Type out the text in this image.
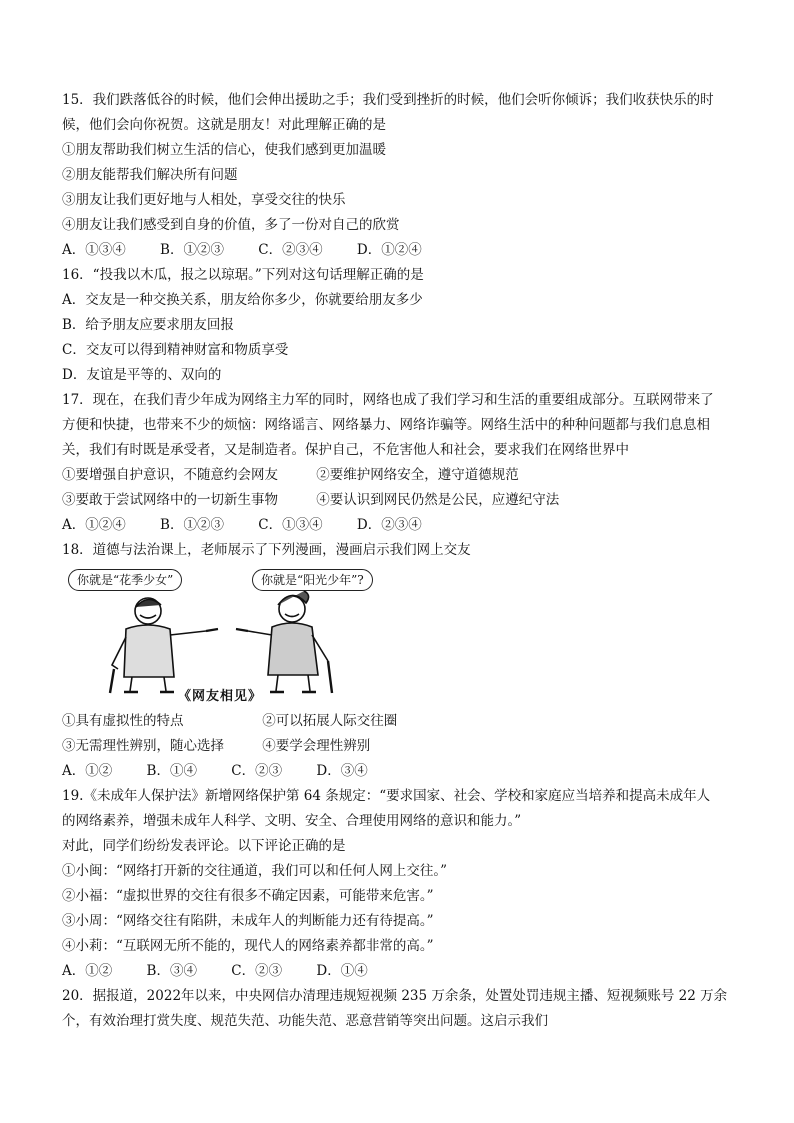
15．我们跌落低谷的时候，他们会伸出援助之手；我们受到挫折的时候，他们会听你倾诉；我们收获快乐的时
候，他们会向你祝贺。这就是朋友！对此理解正确的是
①朋友帮助我们树立生活的信心，使我们感到更加温暖
②朋友能帮我们解决所有问题
③朋友让我们更好地与人相处，享受交往的快乐
④朋友让我们感受到自身的价值，多了一份对自己的欣赏
A．①③④	B．①②③	C．②③④	D．①②④
16．“投我以木瓜，报之以琼琚。”下列对这句话理解正确的是
A．交友是一种交换关系，朋友给你多少，你就要给朋友多少
B．给予朋友应要求朋友回报
C．交友可以得到精神财富和物质享受
D．友谊是平等的、双向的
17．现在，在我们青少年成为网络主力军的同时，网络也成了我们学习和生活的重要组成部分。互联网带来了
方便和快捷，也带来不少的烦恼：网络谣言、网络暴力、网络诈骗等。网络生活中的种种问题都与我们息息相
关，我们有时既是承受者，又是制造者。保护自己，不危害他人和社会，要求我们在网络世界中
①要增强自护意识，不随意约会网友	②要维护网络安全，遵守道德规范
③要敢于尝试网络中的一切新生事物	④要认识到网民仍然是公民，应遵纪守法
A．①②④	B．①②③	C．①③④	D．②③④
18．道德与法治课上，老师展示了下列漫画，漫画启示我们网上交友
你就是“花季少女”	你就是“阳光少年”?
《网友相见》
①具有虚拟性的特点	②可以拓展人际交往圈
③无需理性辨别，随心选择	④要学会理性辨别
A．①②	B．①④	C．②③	D．③④
19.《未成年人保护法》新增网络保护第 64 条规定：“要求国家、社会、学校和家庭应当培养和提高未成年人
的网络素养，增强未成年人科学、文明、安全、合理使用网络的意识和能力。”
对此，同学们纷纷发表评论。以下评论正确的是
①小闽：“网络打开新的交往通道，我们可以和任何人网上交往。”
②小福：“虚拟世界的交往有很多不确定因素，可能带来危害。”
③小周：“网络交往有陷阱，未成年人的判断能力还有待提高。”
④小莉：“互联网无所不能的，现代人的网络素养都非常的高。”
A．①②	B．③④	C．②③	D．①④
20．据报道，2022年以来，中央网信办清理违规短视频 235 万余条，处置处罚违规主播、短视频账号 22 万余
个，有效治理打赏失度、规范失范、功能失范、恶意营销等突出问题。这启示我们
